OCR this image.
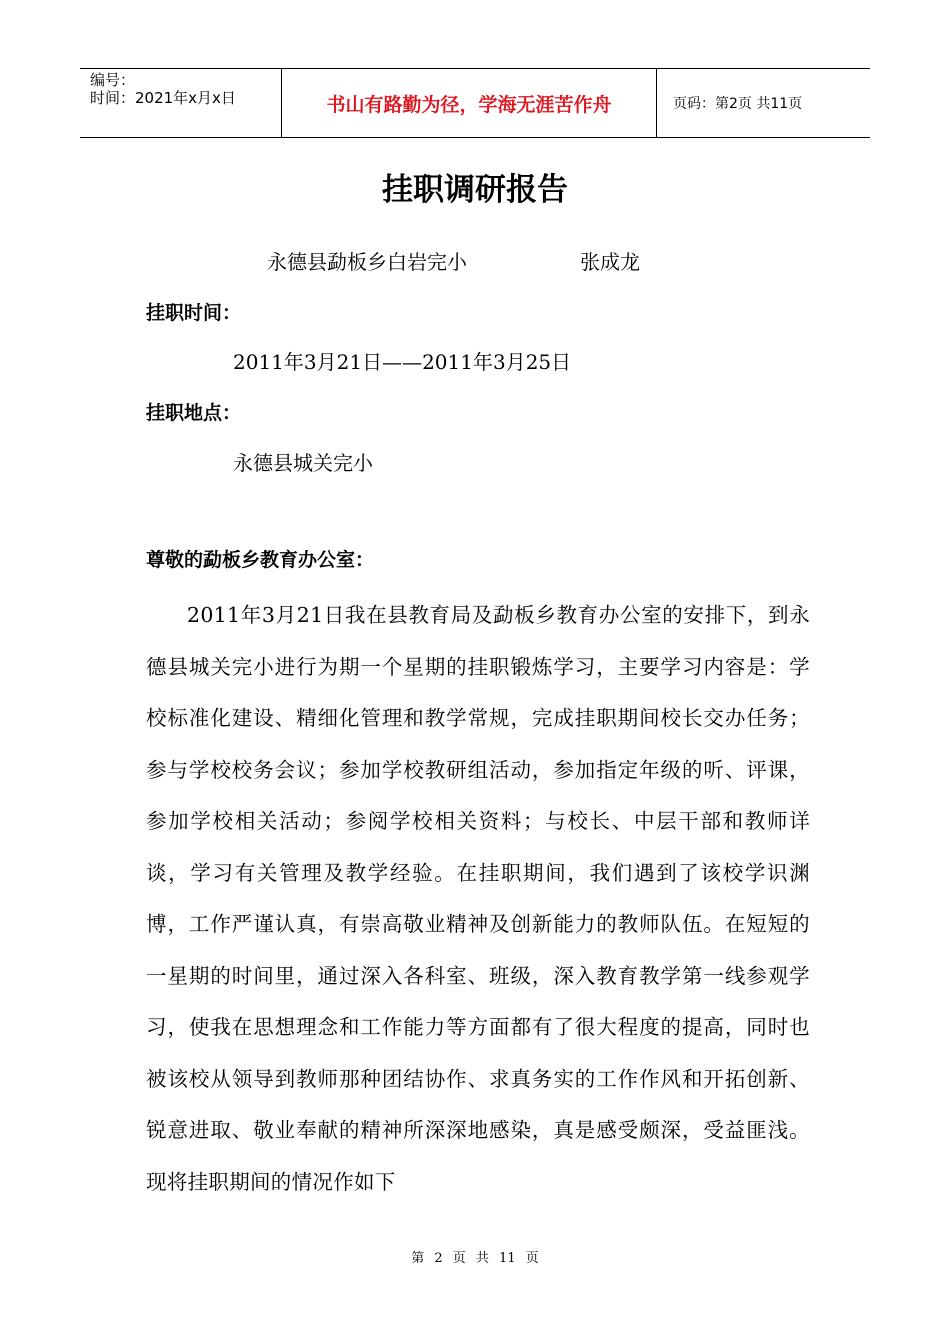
编号：
时间：2021年x月x日	书山有路勤为径，学海无涯苦作舟	页码：第2页 共11页
挂职调研报告
永德县勐板乡白岩完小	张成龙
挂职时间：
2011年3月21日——2011年3月25日
挂职地点：
永德县城关完小
尊敬的勐板乡教育办公室：
2011年3月21日我在县教育局及勐板乡教育办公室的安排下，到永德县城关完小进行为期一个星期的挂职锻炼学习，主要学习内容是：学校标准化建设、精细化管理和教学常规，完成挂职期间校长交办任务；参与学校校务会议；参加学校教研组活动，参加指定年级的听、评课，参加学校相关活动；参阅学校相关资料；与校长、中层干部和教师详谈，学习有关管理及教学经验。在挂职期间，我们遇到了该校学识渊博，工作严谨认真，有崇高敬业精神及创新能力的教师队伍。在短短的一星期的时间里，通过深入各科室、班级，深入教育教学第一线参观学习，使我在思想理念和工作能力等方面都有了很大程度的提高，同时也被该校从领导到教师那种团结协作、求真务实的工作作风和开拓创新、锐意进取、敬业奉献的精神所深深地感染，真是感受颇深，受益匪浅。现将挂职期间的情况作如下
第 2 页 共 11 页
